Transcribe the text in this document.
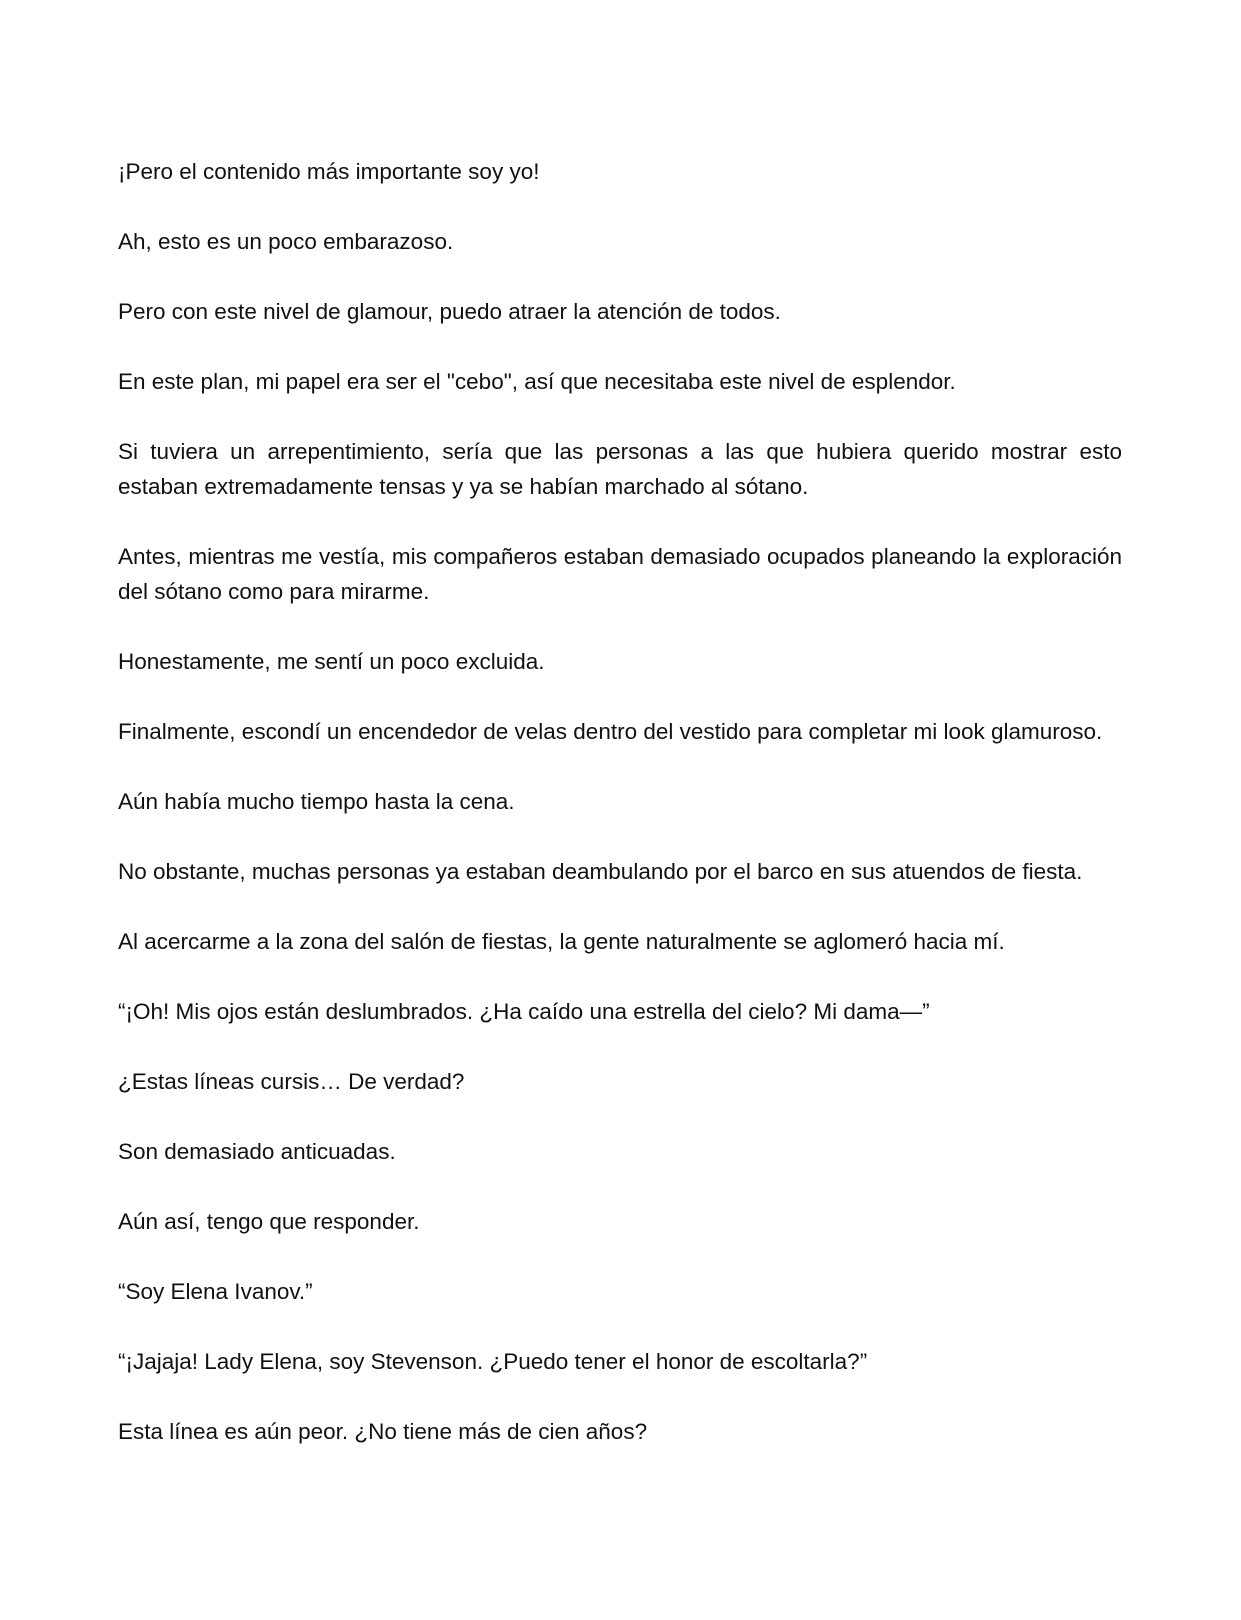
¡Pero el contenido más importante soy yo!

Ah, esto es un poco embarazoso.

Pero con este nivel de glamour, puedo atraer la atención de todos.

En este plan, mi papel era ser el "cebo", así que necesitaba este nivel de esplendor.

Si tuviera un arrepentimiento, sería que las personas a las que hubiera querido mostrar esto estaban extremadamente tensas y ya se habían marchado al sótano.

Antes, mientras me vestía, mis compañeros estaban demasiado ocupados planeando la exploración del sótano como para mirarme.

Honestamente, me sentí un poco excluida.

Finalmente, escondí un encendedor de velas dentro del vestido para completar mi look glamuroso.

Aún había mucho tiempo hasta la cena.

No obstante, muchas personas ya estaban deambulando por el barco en sus atuendos de fiesta.

Al acercarme a la zona del salón de fiestas, la gente naturalmente se aglomeró hacia mí.

“¡Oh! Mis ojos están deslumbrados. ¿Ha caído una estrella del cielo? Mi dama—”

¿Estas líneas cursis… De verdad?

Son demasiado anticuadas.

Aún así, tengo que responder.

“Soy Elena Ivanov.”

“¡Jajaja! Lady Elena, soy Stevenson. ¿Puedo tener el honor de escoltarla?”

Esta línea es aún peor. ¿No tiene más de cien años?
